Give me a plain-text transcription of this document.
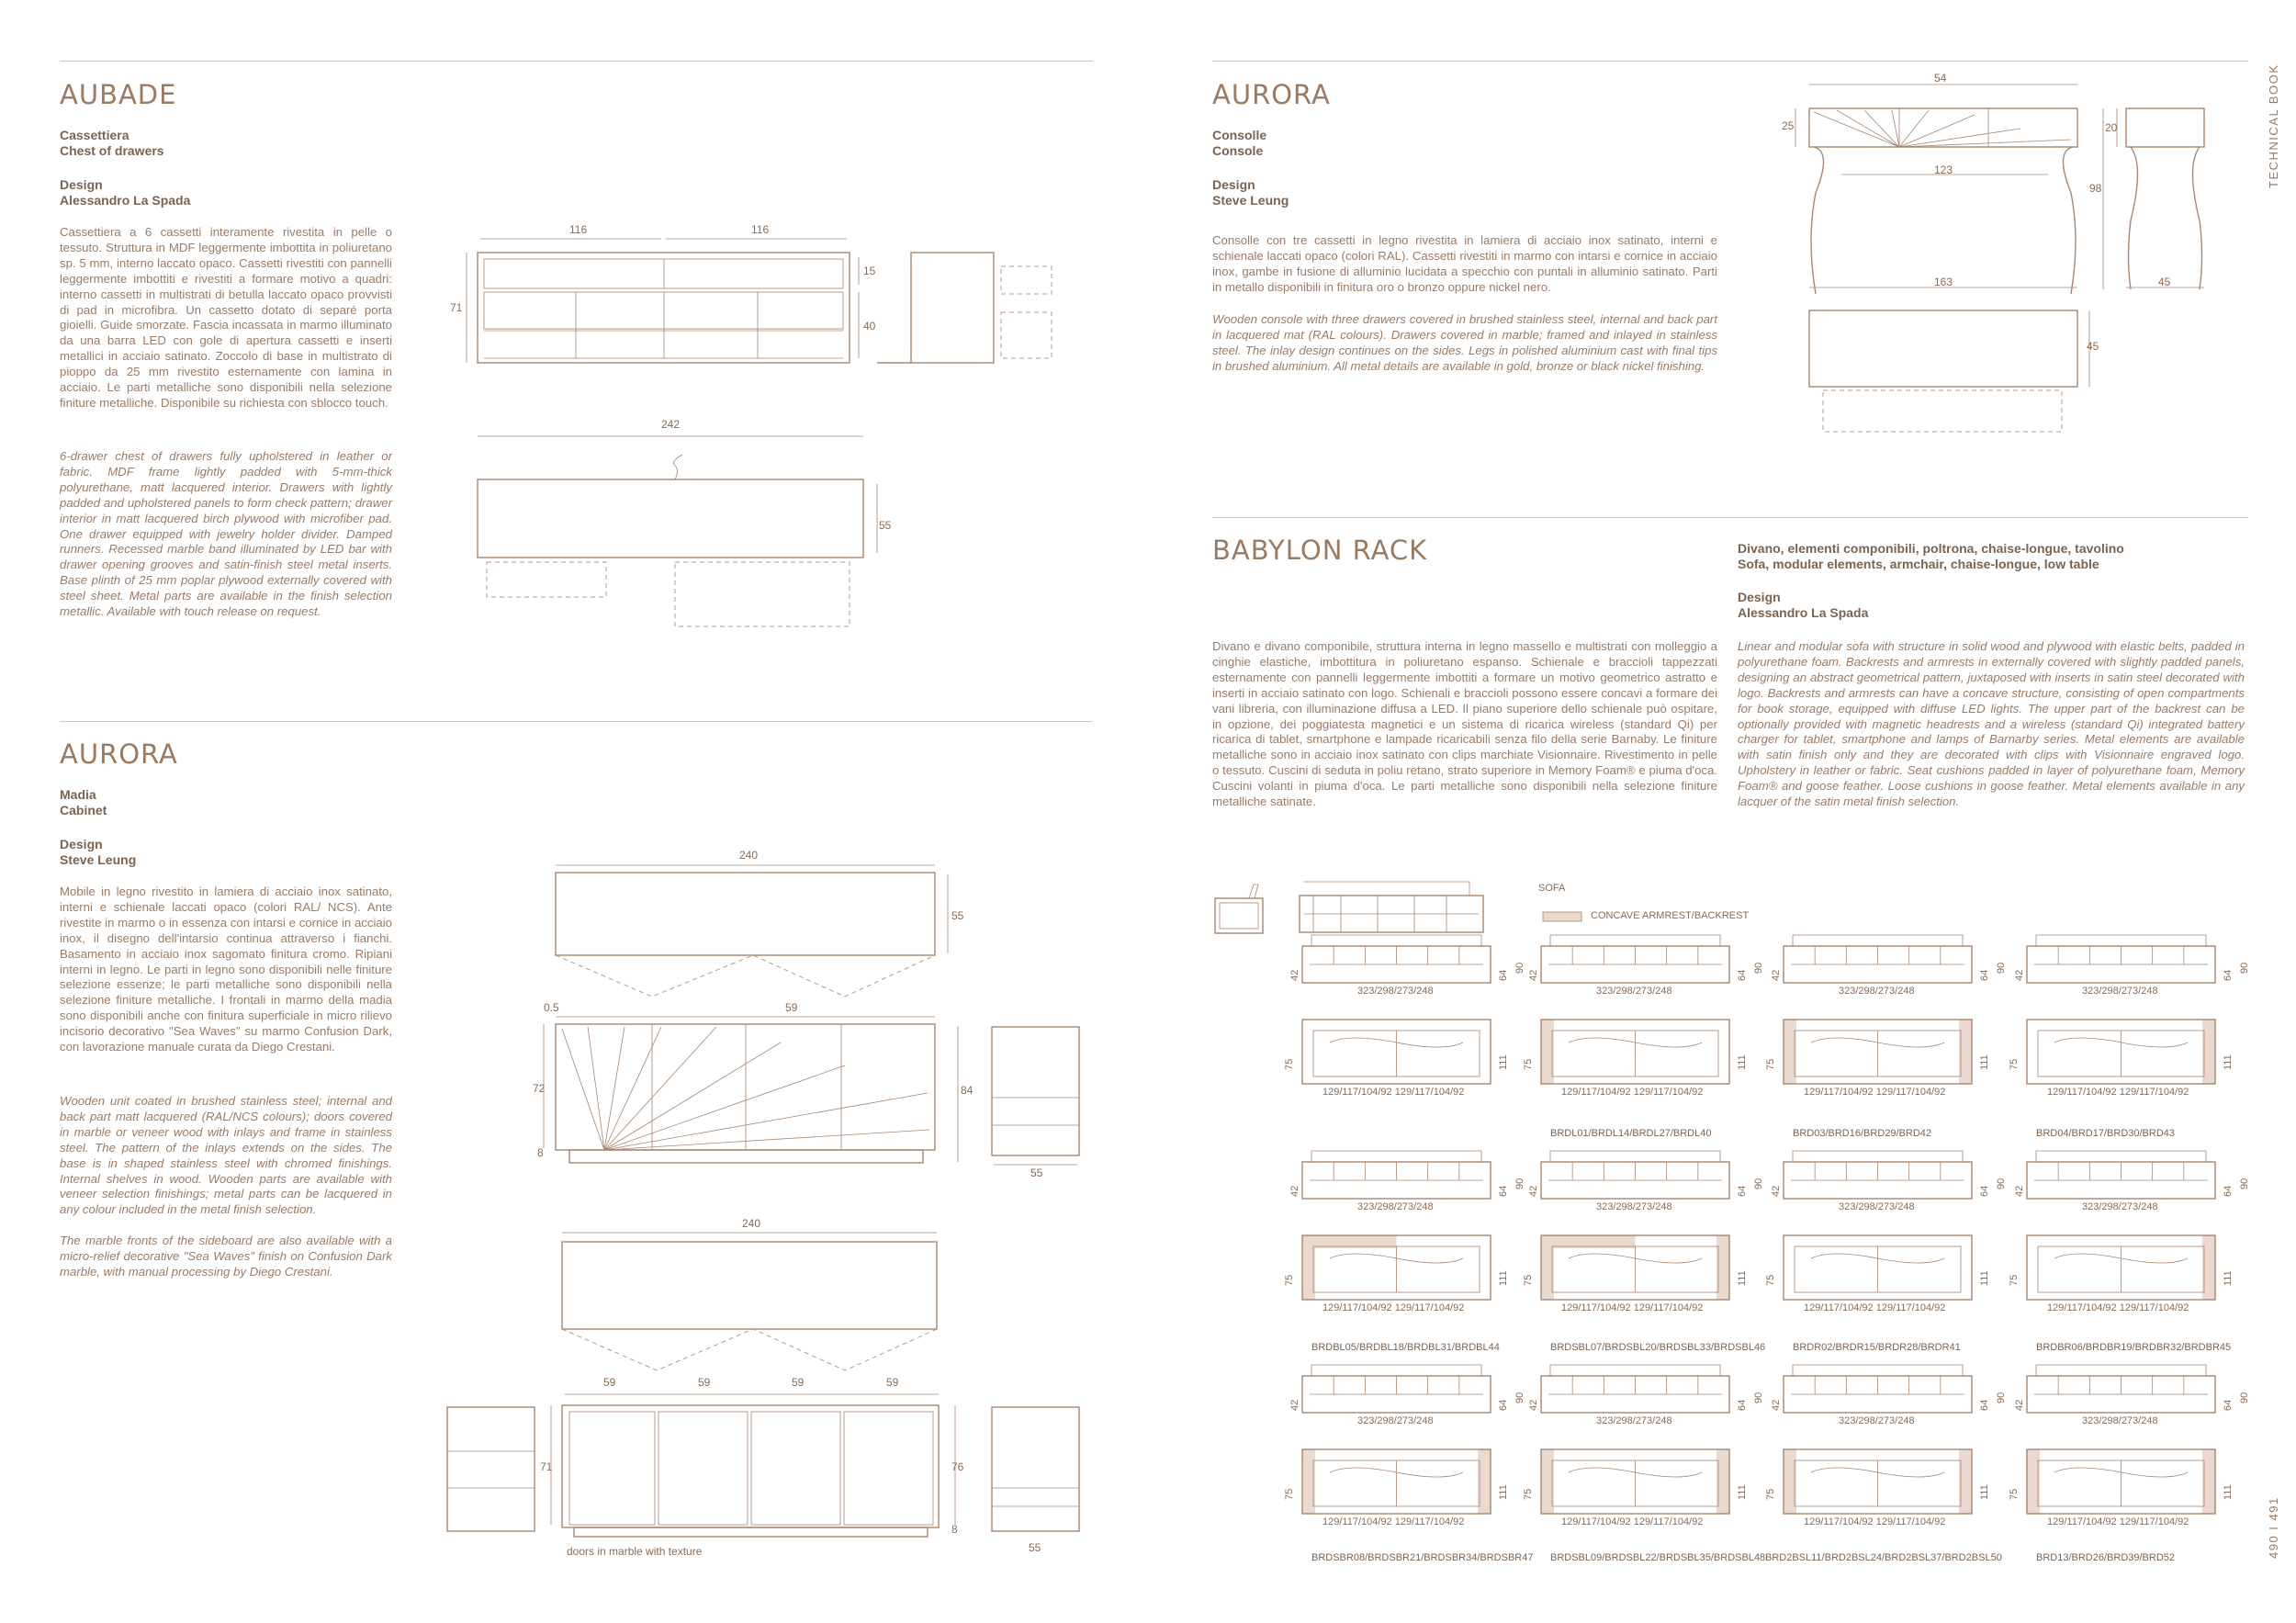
AUBADE
Cassettiera
Chest of drawers
Design
Alessandro La Spada
Cassettiera a 6 cassetti interamente rivestita in pelle o tessuto. Struttura in MDF leggermente imbottita in poliuretano sp. 5 mm, interno laccato opaco. Cassetti rivestiti con pannelli leggermente imbottiti e rivestiti a formare motivo a quadri: interno cassetti in multistrati di betulla laccato opaco provvisti di pad in microfibra. Un cassetto dotato di separé porta gioielli. Guide smorzate. Fascia incassata in marmo illuminato da una barra LED con gole di apertura cassetti e inserti metallici in acciaio satinato. Zoccolo di base in multistrato di pioppo da 25 mm rivestito esternamente con lamina in acciaio. Le parti metalliche sono disponibili nella selezione finiture metalliche. Disponibile su richiesta con sblocco touch.
6-drawer chest of drawers fully upholstered in leather or fabric. MDF frame lightly padded with 5-mm-thick polyurethane, matt lacquered interior. Drawers with lightly padded and upholstered panels to form check pattern; drawer interior in matt lacquered birch plywood with microfiber pad. One drawer equipped with jewelry holder divider. Damped runners. Recessed marble band illuminated by LED bar with drawer opening grooves and satin-finish steel metal inserts. Base plinth of 25 mm poplar plywood externally covered with steel sheet. Metal parts are available in the finish selection metallic. Available with touch release on request.
AURORA
Madia
Cabinet
Design
Steve Leung
Mobile in legno rivestito in lamiera di acciaio inox satinato, interni e schienale laccati opaco (colori RAL/ NCS). Ante rivestite in marmo o in essenza con intarsi e cornice in acciaio inox, il disegno dell'intarsio continua attraverso i fianchi. Basamento in acciaio inox sagomato finitura cromo. Ripiani interni in legno. Le parti in legno sono disponibili nelle finiture selezione essenze; le parti metalliche sono disponibili nella selezione finiture metalliche. I frontali in marmo della madia sono disponibili anche con finitura superficiale in micro rilievo incisorio decorativo "Sea Waves" su marmo Confusion Dark, con lavorazione manuale curata da Diego Crestani.
Wooden unit coated in brushed stainless steel; internal and back part matt lacquered (RAL/NCS colours); doors covered in marble or veneer wood with inlays and frame in stainless steel. The pattern of the inlays extends on the sides. The base is in shaped stainless steel with chromed finishings. Internal shelves in wood. Wooden parts are available with veneer selection finishings; metal parts can be lacquered in any colour included in the metal finish selection.
The marble fronts of the sideboard are also available with a micro-relief decorative "Sea Waves" finish on Confusion Dark marble, with manual processing by Diego Crestani.
AURORA
Consolle
Console
Design
Steve Leung
Consolle con tre cassetti in legno rivestita in lamiera di acciaio inox satinato, interni e schienale laccati opaco (colori RAL). Cassetti rivestiti in marmo con intarsi e cornice in acciaio inox, gambe in fusione di alluminio lucidata a specchio con puntali in alluminio satinato. Parti in metallo disponibili in finitura oro o bronzo oppure nickel nero.
Wooden console with three drawers covered in brushed stainless steel, internal and back part in lacquered mat (RAL colours). Drawers covered in marble; framed and inlayed in stainless steel. The inlay design continues on the sides. Legs in polished aluminium cast with final tips in brushed aluminium. All metal details are available in gold, bronze or black nickel finishing.
BABYLON RACK	Divano, elementi componibili, poltrona, chaise-longue, tavolino
Sofa, modular elements, armchair, chaise-longue, low table
Design
Alessandro La Spada
Divano e divano componibile, struttura interna in legno massello e multistrati con molleggio a cinghie elastiche, imbottitura in poliuretano espanso. Schienale e braccioli tappezzati esternamente con pannelli leggermente imbottiti a formare un motivo geometrico astratto e inserti in acciaio satinato con logo. Schienali e braccioli possono essere concavi a formare dei vani libreria, con illuminazione diffusa a LED. Il piano superiore dello schienale può ospitare, in opzione, dei poggiatesta magnetici e un sistema di ricarica wireless (standard Qi) per ricarica di tablet, smartphone e lampade ricaricabili senza filo della serie Barnaby. Le finiture metalliche sono in acciaio inox satinato con clips marchiate Visionnaire. Rivestimento in pelle o tessuto. Cuscini di seduta in poliu retano, strato superiore in Memory Foam® e piuma d'oca. Cuscini volanti in piuma d'oca. Le parti metalliche sono disponibili nella selezione finiture metalliche satinate.
Linear and modular sofa with structure in solid wood and plywood with elastic belts, padded in polyurethane foam. Backrests and armrests in externally covered with slightly padded panels, designing an abstract geometrical pattern, juxtaposed with inserts in satin steel decorated with logo. Backrests and armrests can have a concave structure, consisting of open compartments for book storage, equipped with diffuse LED lights. The upper part of the backrest can be optionally provided with magnetic headrests and a wireless (standard Qi) integrated battery charger for tablet, smartphone and lamps of Barnarby series. Metal elements are available with satin finish only and they are decorated with clips with Visionnaire engraved logo. Upholstery in leather or fabric. Seat cushions padded in layer of polyurethane foam, Memory Foam® and goose feather. Loose cushions in goose feather. Metal elements available in any lacquer of the satin metal finish selection.
TECHNICAL BOOK
490 I 491
116	116
71
15
40
242
55
240
55
0.5	59
72	84
8
55
240
59	59	59	59
71	76
8
55
doors in marble with texture
54
25
123
163
20
98
45
45
SOFA
CONCAVE ARMREST/BACKREST
323/298/273/248
129/117/104/92 129/117/104/92
42	64
90
75	111
323/298/273/248
129/117/104/92 129/117/104/92
42	64
90
75	111
BRDL01/BRDL14/BRDL27/BRDL40
323/298/273/248
129/117/104/92 129/117/104/92
42	64
90
75	111
BRD03/BRD16/BRD29/BRD42
323/298/273/248
129/117/104/92 129/117/104/92
42	64
90
75	111
BRD04/BRD17/BRD30/BRD43
323/298/273/248
129/117/104/92 129/117/104/92
42	64
90
75	111
BRDBL05/BRDBL18/BRDBL31/BRDBL44
323/298/273/248
129/117/104/92 129/117/104/92
42	64
90
75	111
BRDSBL07/BRDSBL20/BRDSBL33/BRDSBL46
323/298/273/248
129/117/104/92 129/117/104/92
42	64
90
75	111
BRDR02/BRDR15/BRDR28/BRDR41
323/298/273/248
129/117/104/92 129/117/104/92
42	64
90
75	111
BRDBR06/BRDBR19/BRDBR32/BRDBR45
323/298/273/248
129/117/104/92 129/117/104/92
42	64
90
75	111
BRDSBR08/BRDSBR21/BRDSBR34/BRDSBR47
323/298/273/248
129/117/104/92 129/117/104/92
42	64
90
75	111
BRDSBL09/BRDSBL22/BRDSBL35/BRDSBL48
323/298/273/248
129/117/104/92 129/117/104/92
42	64
90
75	111
BRD2BSL11/BRD2BSL24/BRD2BSL37/BRD2BSL50
323/298/273/248
129/117/104/92 129/117/104/92
42	64
90
75	111
BRD13/BRD26/BRD39/BRD52
